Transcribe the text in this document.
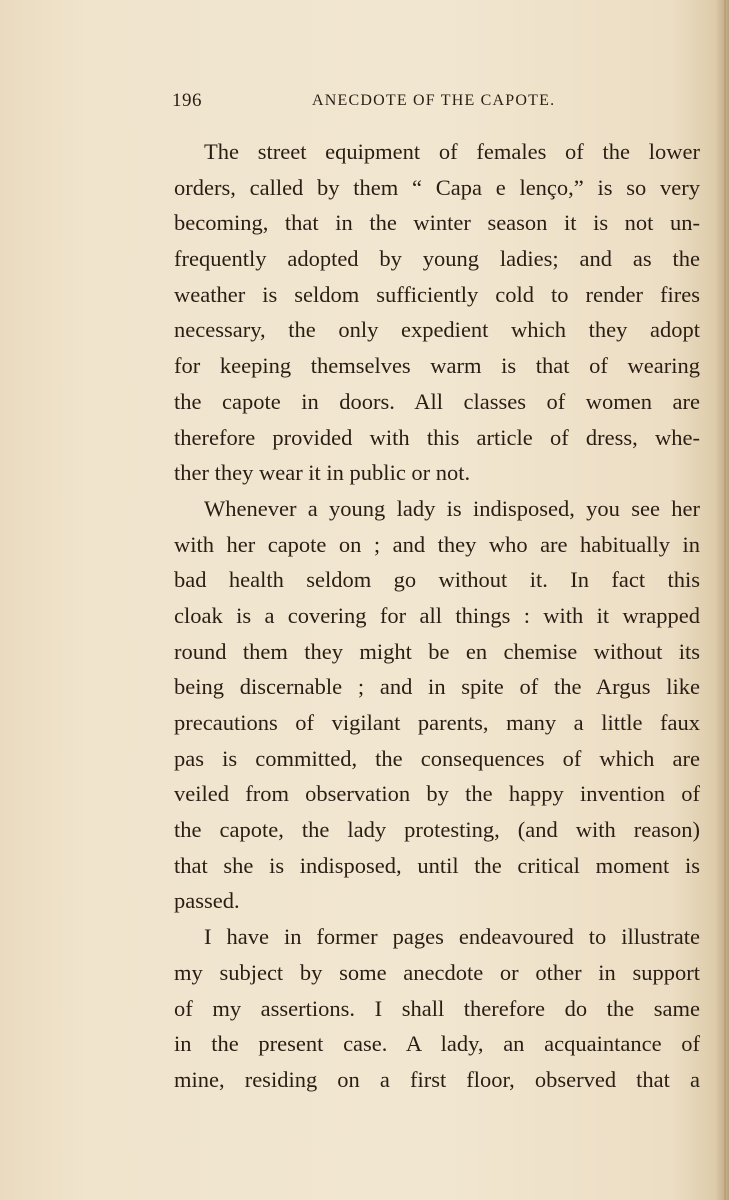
196	ANECDOTE OF THE CAPOTE.
The street equipment of females of the lower
orders, called by them “ Capa e lenço,” is so very
becoming, that in the winter season it is not un-
frequently adopted by young ladies; and as the
weather is seldom sufficiently cold to render fires
necessary, the only expedient which they adopt
for keeping themselves warm is that of wearing
the capote in doors. All classes of women are
therefore provided with this article of dress, whe-
ther they wear it in public or not.
Whenever a young lady is indisposed, you see her
with her capote on ; and they who are habitually in
bad health seldom go without it. In fact this
cloak is a covering for all things : with it wrapped
round them they might be en chemise without its
being discernable ; and in spite of the Argus like
precautions of vigilant parents, many a little faux
pas is committed, the consequences of which are
veiled from observation by the happy invention of
the capote, the lady protesting, (and with reason)
that she is indisposed, until the critical moment is
passed.
I have in former pages endeavoured to illustrate
my subject by some anecdote or other in support
of my assertions. I shall therefore do the same
in the present case. A lady, an acquaintance of
mine, residing on a first floor, observed that a
